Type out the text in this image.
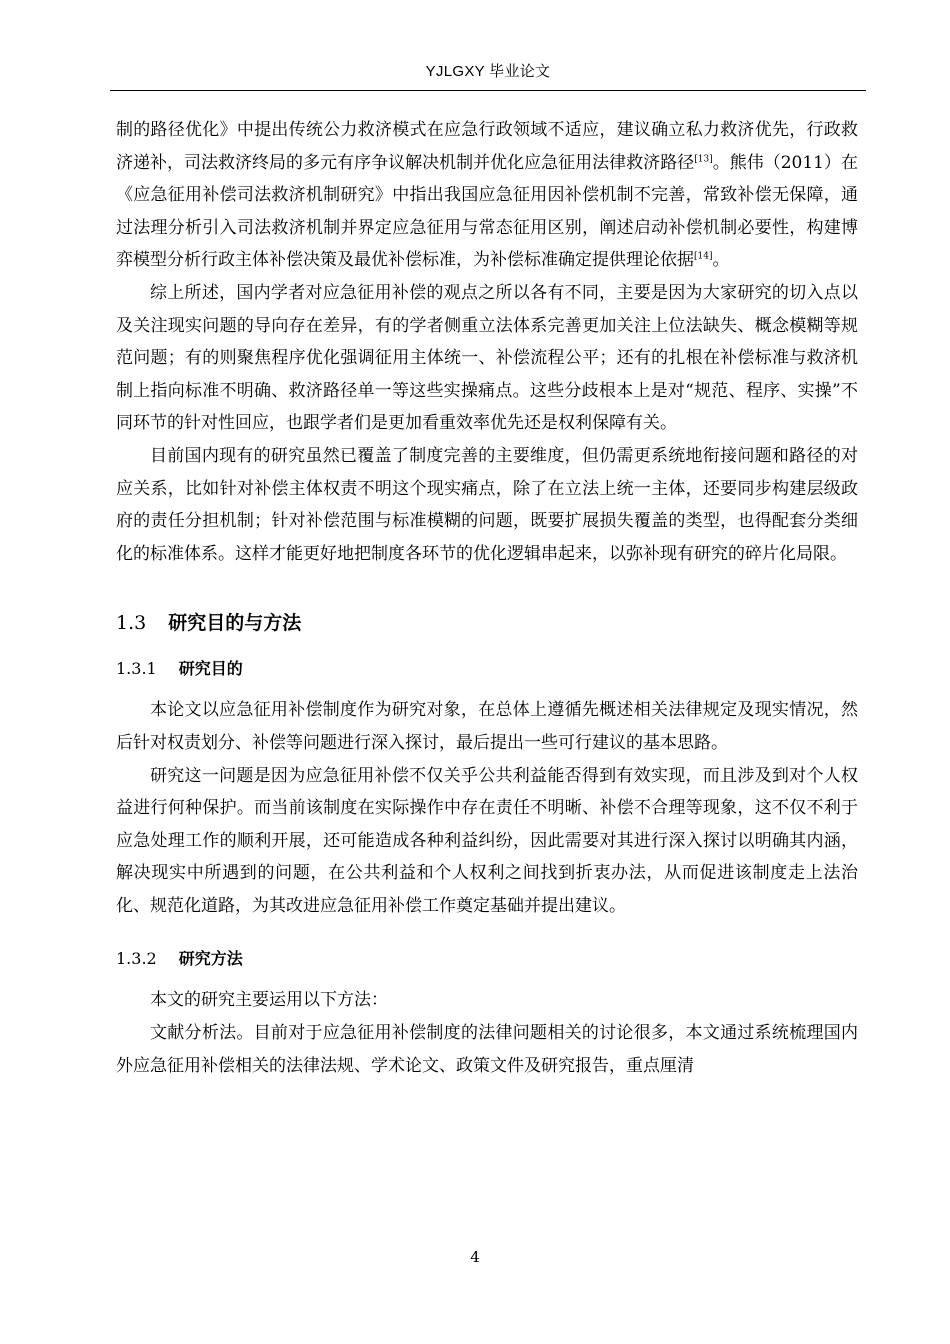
YJLGXY 毕业论文

制的路径优化》中提出传统公力救济模式在应急行政领域不适应，建议确立私力救济优先，行政救济递补，司法救济终局的多元有序争议解决机制并优化应急征用法律救济路径[13]。熊伟（2011）在《应急征用补偿司法救济机制研究》中指出我国应急征用因补偿机制不完善，常致补偿无保障，通过法理分析引入司法救济机制并界定应急征用与常态征用区别，阐述启动补偿机制必要性，构建博弈模型分析行政主体补偿决策及最优补偿标准，为补偿标准确定提供理论依据[14]。

综上所述，国内学者对应急征用补偿的观点之所以各有不同，主要是因为大家研究的切入点以及关注现实问题的导向存在差异，有的学者侧重立法体系完善更加关注上位法缺失、概念模糊等规范问题；有的则聚焦程序优化强调征用主体统一、补偿流程公平；还有的扎根在补偿标准与救济机制上指向标准不明确、救济路径单一等这些实操痛点。这些分歧根本上是对“规范、程序、实操”不同环节的针对性回应，也跟学者们是更加看重效率优先还是权利保障有关。

目前国内现有的研究虽然已覆盖了制度完善的主要维度，但仍需更系统地衔接问题和路径的对应关系，比如针对补偿主体权责不明这个现实痛点，除了在立法上统一主体，还要同步构建层级政府的责任分担机制；针对补偿范围与标准模糊的问题，既要扩展损失覆盖的类型，也得配套分类细化的标准体系。这样才能更好地把制度各环节的优化逻辑串起来，以弥补现有研究的碎片化局限。

1.3 研究目的与方法
1.3.1 研究目的

本论文以应急征用补偿制度作为研究对象，在总体上遵循先概述相关法律规定及现实情况，然后针对权责划分、补偿等问题进行深入探讨，最后提出一些可行建议的基本思路。

研究这一问题是因为应急征用补偿不仅关乎公共利益能否得到有效实现，而且涉及到对个人权益进行何种保护。而当前该制度在实际操作中存在责任不明晰、补偿不合理等现象，这不仅不利于应急处理工作的顺利开展，还可能造成各种利益纠纷，因此需要对其进行深入探讨以明确其内涵，解决现实中所遇到的问题，在公共利益和个人权利之间找到折衷办法，从而促进该制度走上法治化、规范化道路，为其改进应急征用补偿工作奠定基础并提出建议。

1.3.2 研究方法

本文的研究主要运用以下方法：

文献分析法。目前对于应急征用补偿制度的法律问题相关的讨论很多，本文通过系统梳理国内外应急征用补偿相关的法律法规、学术论文、政策文件及研究报告，重点厘清

4
